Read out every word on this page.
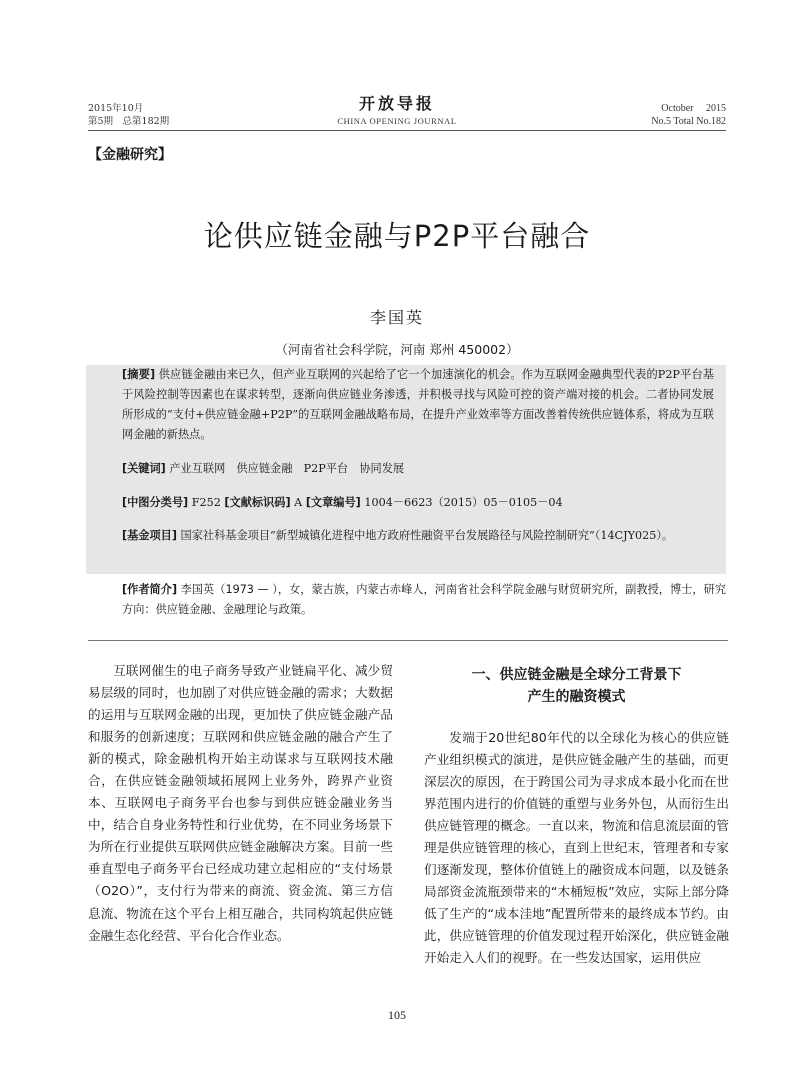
2015年10月
第5期　总第182期
开放导报
CHINA OPENING JOURNAL
October　 2015
No.5 Total No.182
【金融研究】
论供应链金融与P2P平台融合
李国英
（河南省社会科学院，河南 郑州 450002）
[摘要] 供应链金融由来已久，但产业互联网的兴起给了它一个加速演化的机会。作为互联网金融典型代表的P2P平台基于风险控制等因素也在谋求转型，逐渐向供应链业务渗透，并积极寻找与风险可控的资产端对接的机会。二者协同发展所形成的“支付+供应链金融+P2P”的互联网金融战略布局，在提升产业效率等方面改善着传统供应链体系，将成为互联网金融的新热点。
[关键词] 产业互联网　供应链金融　P2P平台　协同发展
[中图分类号] F252 [文献标识码] A [文章编号] 1004－6623（2015）05－0105－04
[基金项目] 国家社科基金项目“新型城镇化进程中地方政府性融资平台发展路径与风险控制研究”（14CJY025）。
[作者简介] 李国英（1973 — ），女，蒙古族，内蒙古赤峰人，河南省社会科学院金融与财贸研究所，副教授，博士，研究方向：供应链金融、金融理论与政策。

互联网催生的电子商务导致产业链扁平化、减少贸易层级的同时，也加剧了对供应链金融的需求；大数据的运用与互联网金融的出现，更加快了供应链金融产品和服务的创新速度；互联网和供应链金融的融合产生了新的模式，除金融机构开始主动谋求与互联网技术融合，在供应链金融领域拓展网上业务外，跨界产业资本、互联网电子商务平台也参与到供应链金融业务当中，结合自身业务特性和行业优势，在不同业务场景下为所在行业提供互联网供应链金融解决方案。目前一些垂直型电子商务平台已经成功建立起相应的“支付场景（O2O）”，支付行为带来的商流、资金流、第三方信息流、物流在这个平台上相互融合，共同构筑起供应链金融生态化经营、平台化合作业态。

一、供应链金融是全球分工背景下
产生的融资模式

发端于20世纪80年代的以全球化为核心的供应链产业组织模式的演进，是供应链金融产生的基础，而更深层次的原因，在于跨国公司为寻求成本最小化而在世界范围内进行的价值链的重塑与业务外包，从而衍生出供应链管理的概念。一直以来，物流和信息流层面的管理是供应链管理的核心，直到上世纪末，管理者和专家们逐渐发现，整体价值链上的融资成本问题，以及链条局部资金流瓶颈带来的“木桶短板”效应，实际上部分降低了生产的“成本洼地”配置所带来的最终成本节约。由此，供应链管理的价值发现过程开始深化，供应链金融开始走入人们的视野。在一些发达国家，运用供应

105
